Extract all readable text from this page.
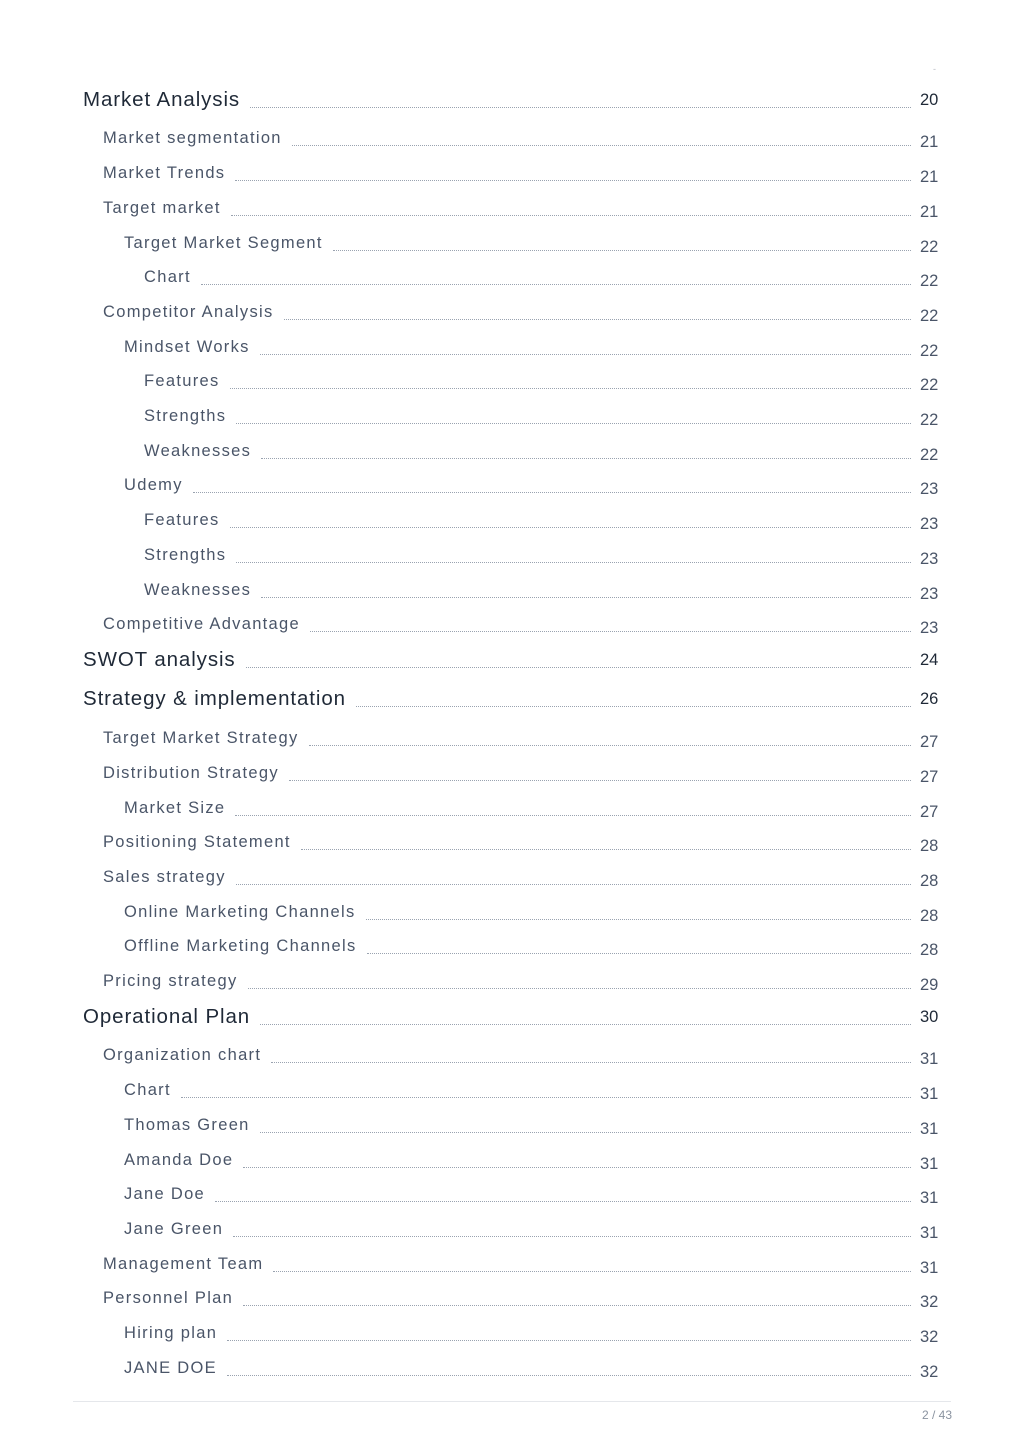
-
Market Analysis	20
Market segmentation	21
Market Trends	21
Target market	21
Target Market Segment	22
Chart	22
Competitor Analysis	22
Mindset Works	22
Features	22
Strengths	22
Weaknesses	22
Udemy	23
Features	23
Strengths	23
Weaknesses	23
Competitive Advantage	23
SWOT analysis	24
Strategy & implementation	26
Target Market Strategy	27
Distribution Strategy	27
Market Size	27
Positioning Statement	28
Sales strategy	28
Online Marketing Channels	28
Offline Marketing Channels	28
Pricing strategy	29
Operational Plan	30
Organization chart	31
Chart	31
Thomas Green	31
Amanda Doe	31
Jane Doe	31
Jane Green	31
Management Team	31
Personnel Plan	32
Hiring plan	32
JANE DOE	32
2 / 43
